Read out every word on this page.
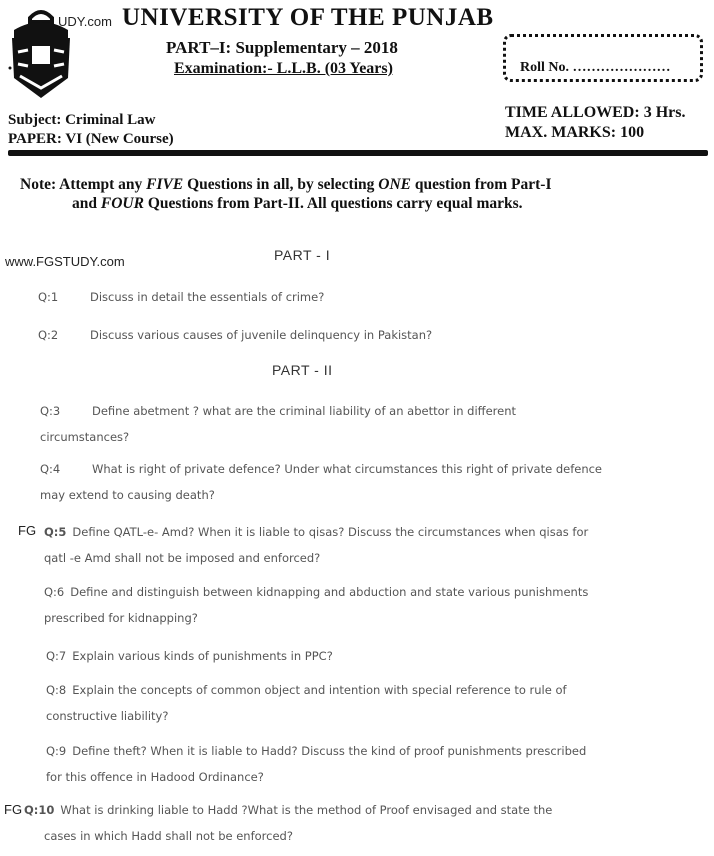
UDY.com UNIVERSITY OF THE PUNJAB
PART–I: Supplementary – 2018
Examination:- L.L.B. (03 Years)	Roll No. …………………
Subject: Criminal Law
PAPER: VI (New Course)
TIME ALLOWED: 3 Hrs.
MAX. MARKS: 100
Note: Attempt any FIVE Questions in all, by selecting ONE question from Part-I
and FOUR Questions from Part-II. All questions carry equal marks.
www.FGSTUDY.com	PART - I
Q:1	Discuss in detail the essentials of crime?
Q:2	Discuss various causes of juvenile delinquency in Pakistan?
PART - II
Q:3	Define abetment ? what are the criminal liability of an abettor in different
circumstances?
Q:4	What is right of private defence? Under what circumstances this right of private defence
may extend to causing death?
FG Q:5 Define QATL-e- Amd? When it is liable to qisas? Discuss the circumstances when qisas for
qatl -e Amd shall not be imposed and enforced?
Q:6 Define and distinguish between kidnapping and abduction and state various punishments
prescribed for kidnapping?
Q:7 Explain various kinds of punishments in PPC?
Q:8 Explain the concepts of common object and intention with special reference to rule of
constructive liability?
Q:9 Define theft? When it is liable to Hadd? Discuss the kind of proof punishments prescribed
for this offence in Hadood Ordinance?
FG Q:10 What is drinking liable to Hadd ?What is the method of Proof envisaged and state the
cases in which Hadd shall not be enforced?
